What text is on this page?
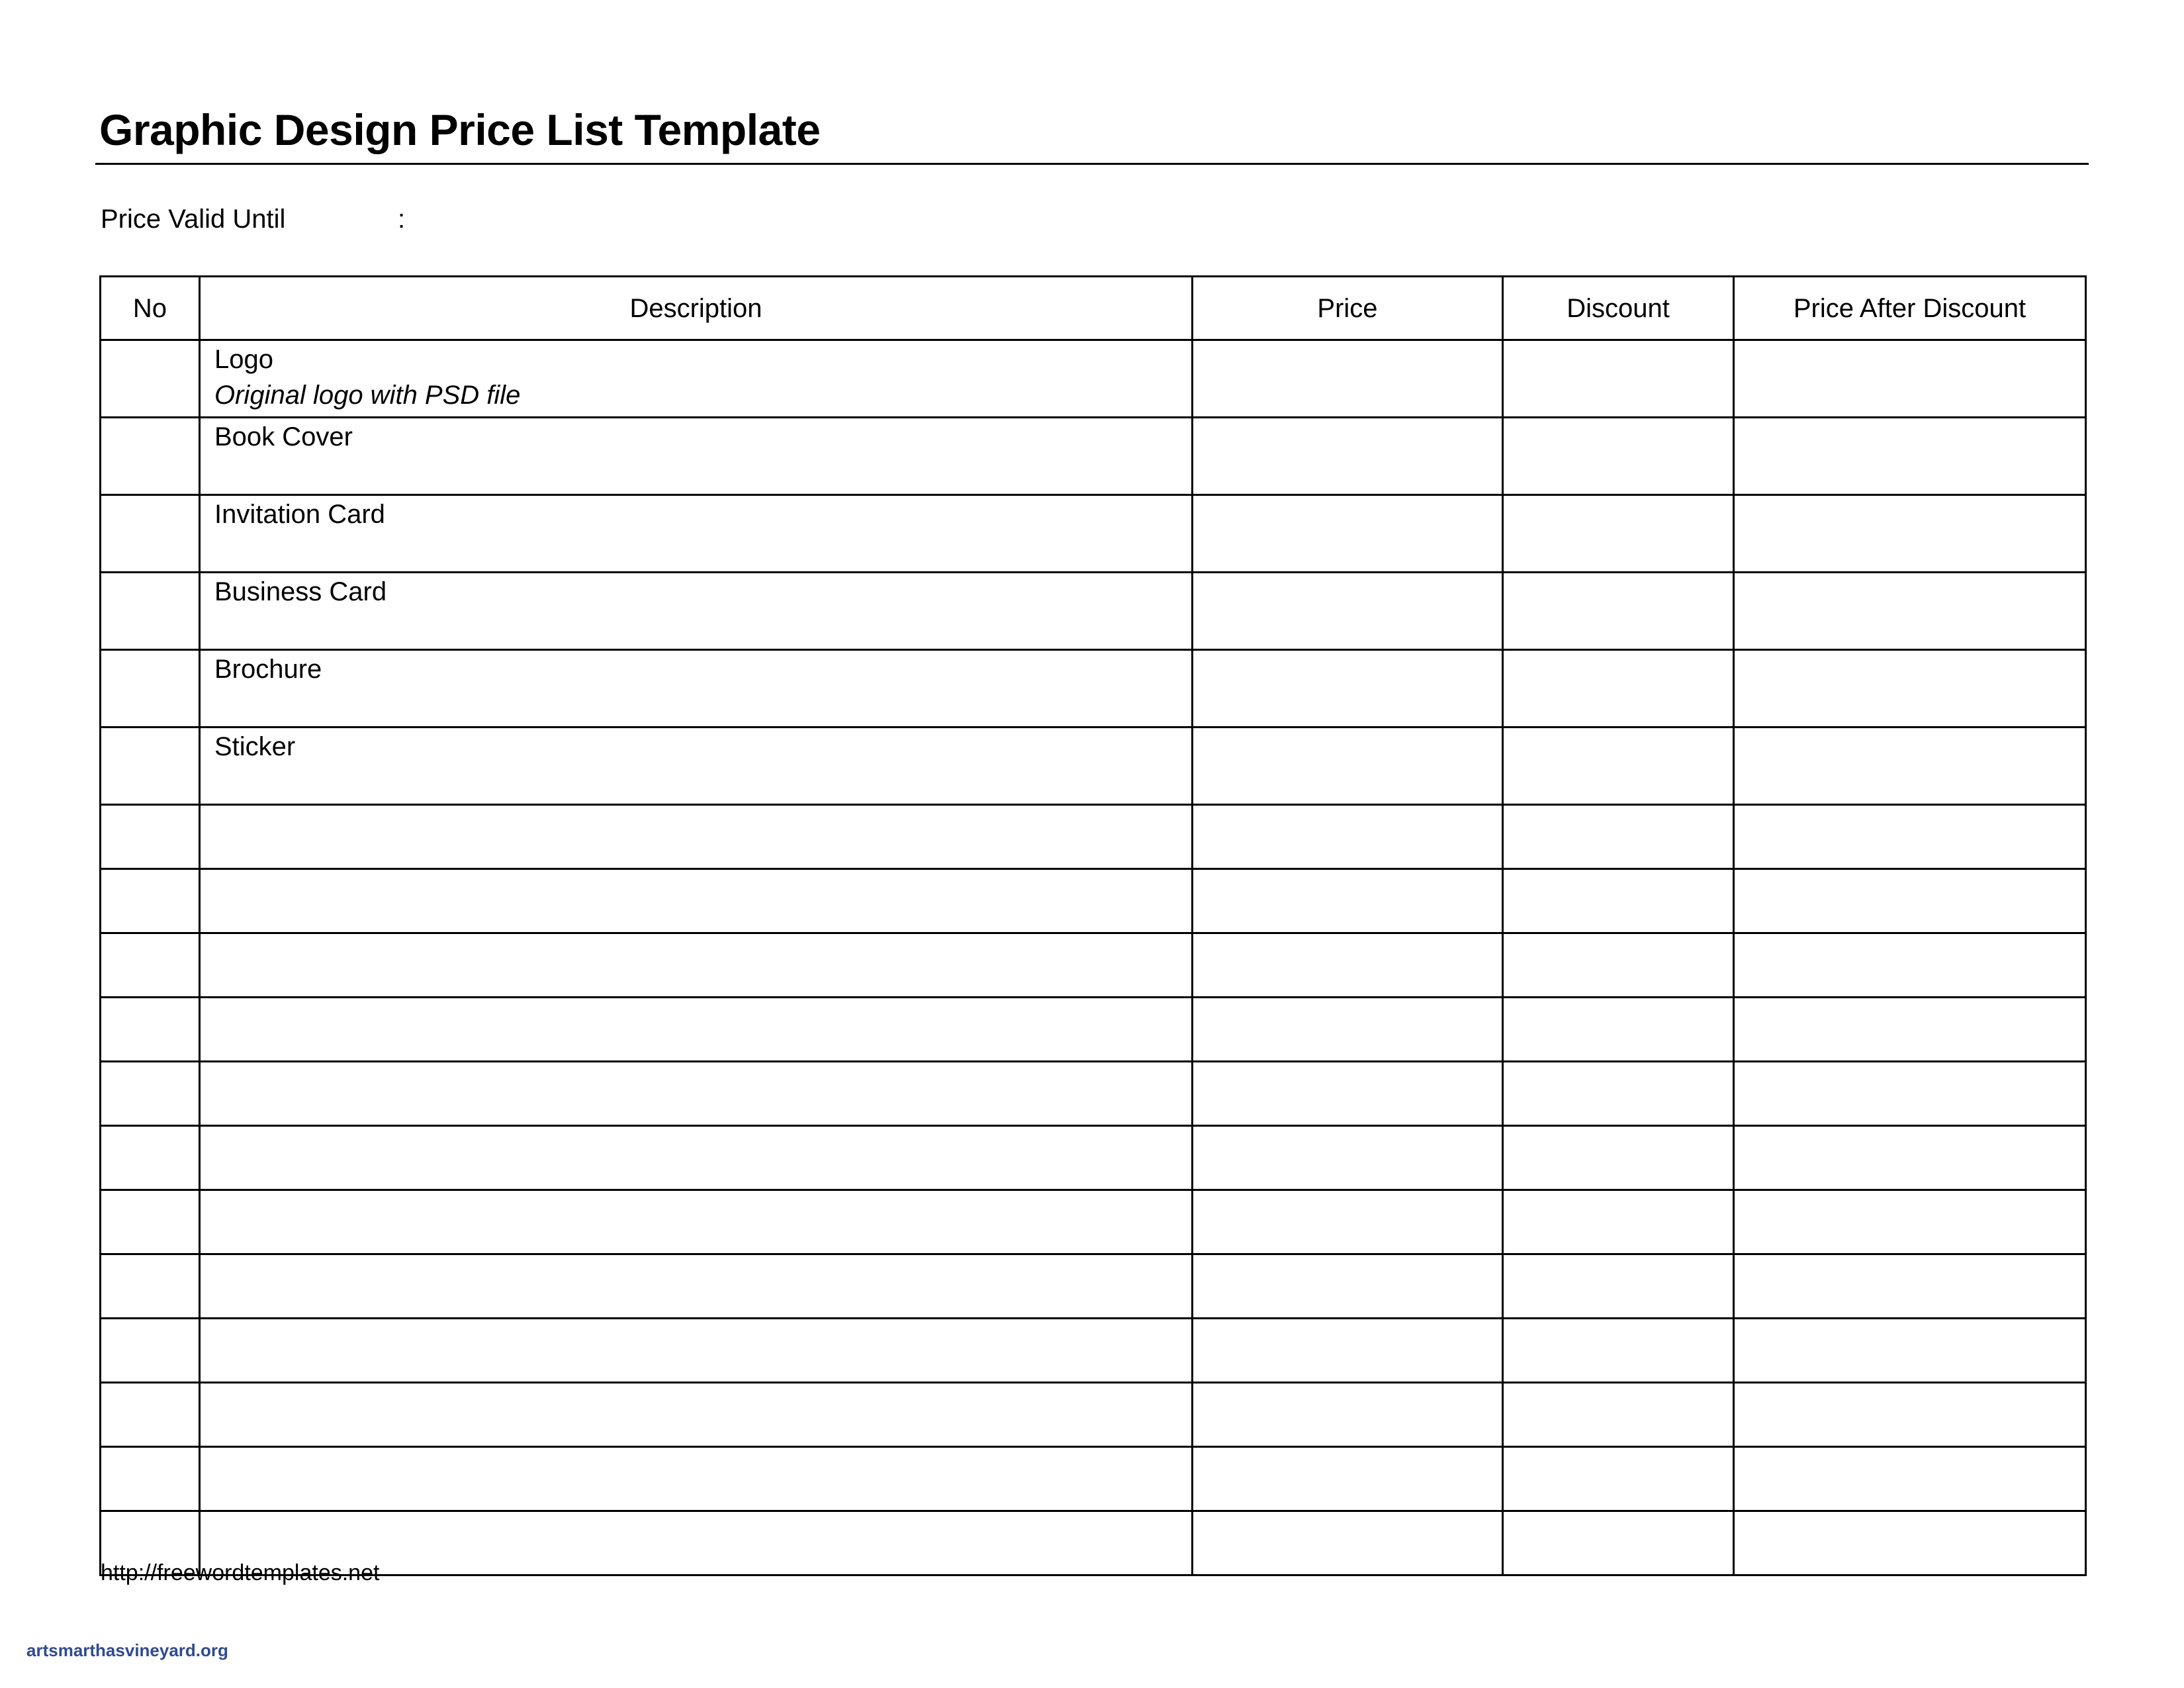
Graphic Design Price List Template
Price Valid Until	:
No	Description	Price	Discount	Price After Discount

	Logo
Original logo with PSD file			

	Book Cover			

	Invitation Card			

	Business Card			

	Brochure			

	Sticker			

http://freewordtemplates.net
artsmarthasvineyard.org
